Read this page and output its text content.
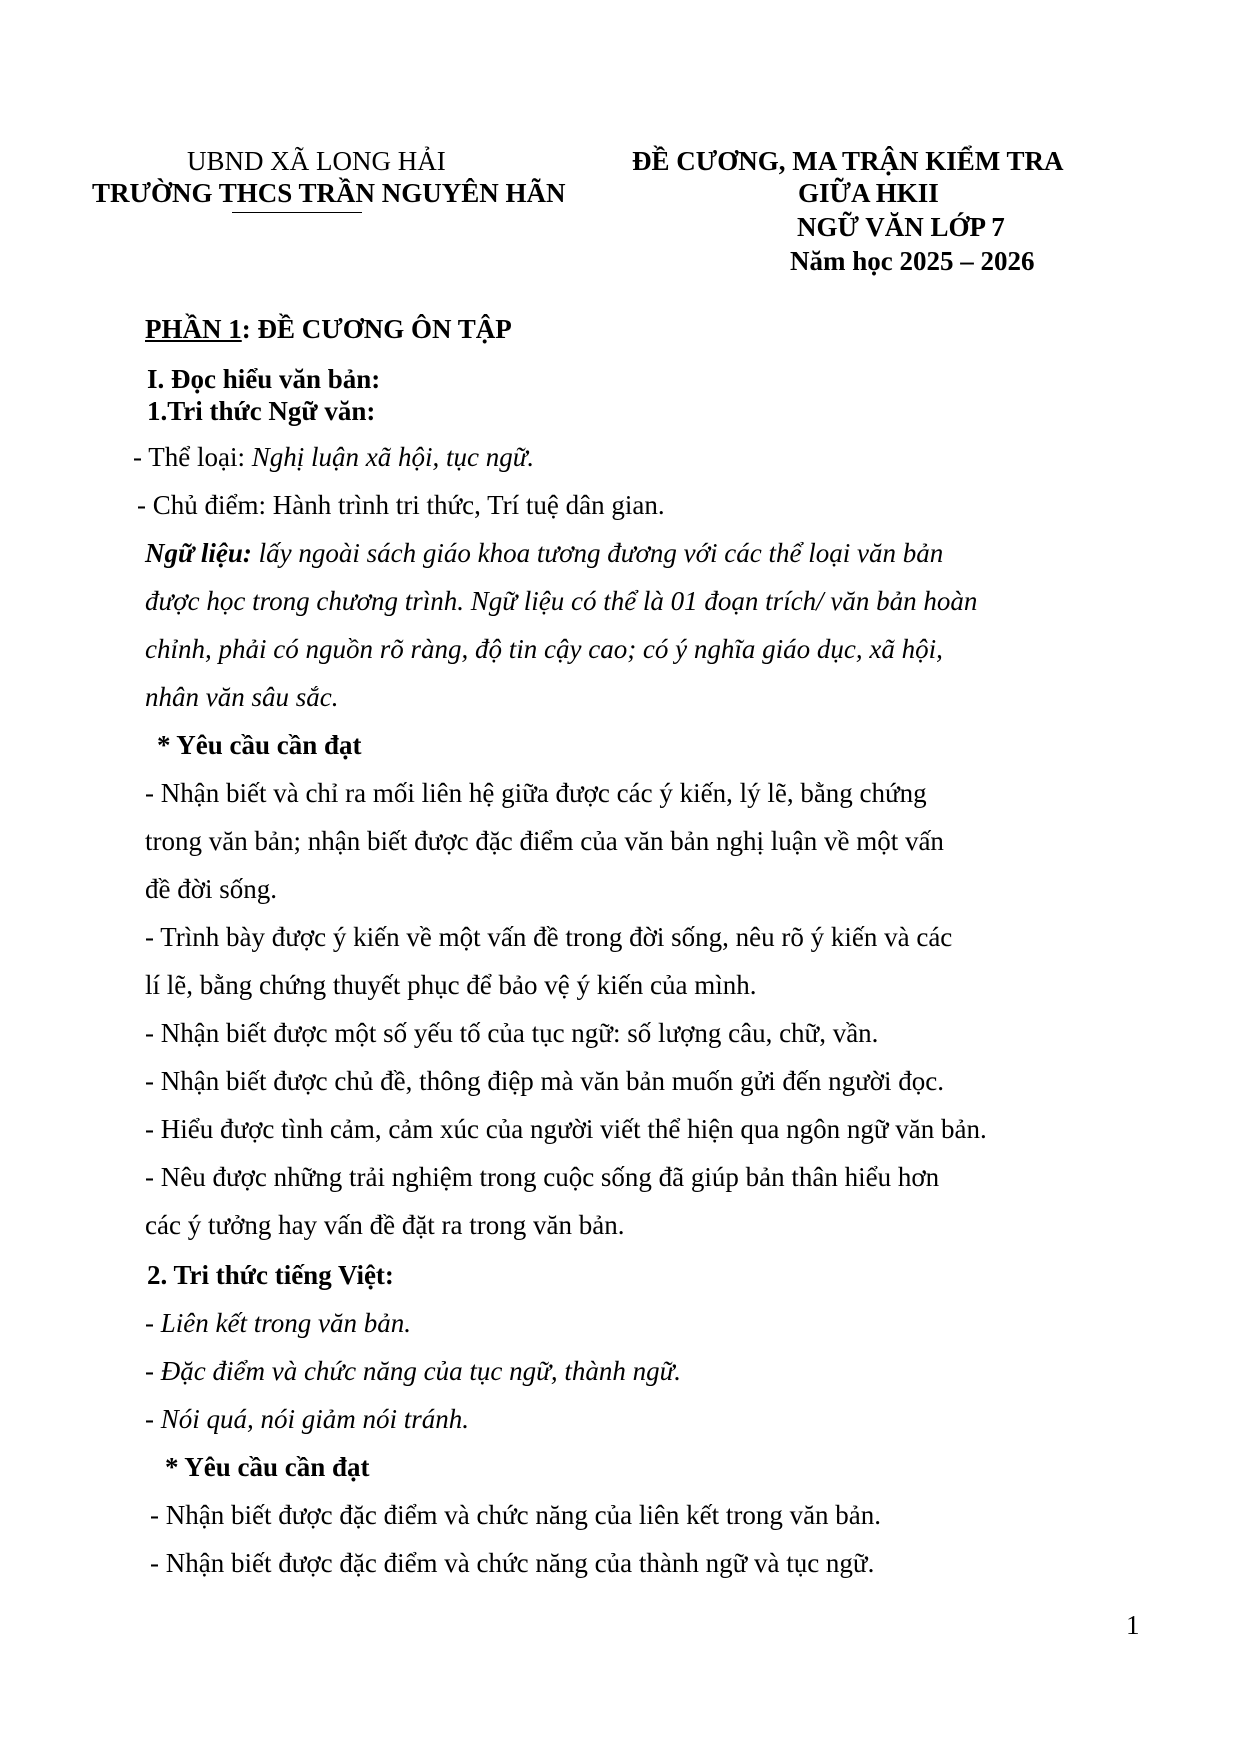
UBND XÃ LONG HẢI
TRƯỜNG THCS TRẦN NGUYÊN HÃN
ĐỀ CƯƠNG, MA TRẬN KIỂM TRA
GIỮA HKII
NGỮ VĂN LỚP 7
Năm học 2025 – 2026
PHẦN 1: ĐỀ CƯƠNG ÔN TẬP
I. Đọc hiểu văn bản:
1.Tri thức Ngữ văn:
- Thể loại: Nghị luận xã hội, tục ngữ.
- Chủ điểm: Hành trình tri thức, Trí tuệ dân gian.
Ngữ liệu: lấy ngoài sách giáo khoa tương đương với các thể loại văn bản
được học trong chương trình. Ngữ liệu có thể là 01 đoạn trích/ văn bản hoàn
chỉnh, phải có nguồn rõ ràng, độ tin cậy cao; có ý nghĩa giáo dục, xã hội,
nhân văn sâu sắc.
* Yêu cầu cần đạt
- Nhận biết và chỉ ra mối liên hệ giữa được các ý kiến, lý lẽ, bằng chứng
trong văn bản; nhận biết được đặc điểm của văn bản nghị luận về một vấn
đề đời sống.
- Trình bày được ý kiến về một vấn đề trong đời sống, nêu rõ ý kiến và các
lí lẽ, bằng chứng thuyết phục để bảo vệ ý kiến của mình.
- Nhận biết được một số yếu tố của tục ngữ: số lượng câu, chữ, vần.
- Nhận biết được chủ đề, thông điệp mà văn bản muốn gửi đến người đọc.
- Hiểu được tình cảm, cảm xúc của người viết thể hiện qua ngôn ngữ văn bản.
- Nêu được những trải nghiệm trong cuộc sống đã giúp bản thân hiểu hơn
các ý tưởng hay vấn đề đặt ra trong văn bản.
2. Tri thức tiếng Việt:
- Liên kết trong văn bản.
- Đặc điểm và chức năng của tục ngữ, thành ngữ.
- Nói quá, nói giảm nói tránh.
* Yêu cầu cần đạt
- Nhận biết được đặc điểm và chức năng của liên kết trong văn bản.
- Nhận biết được đặc điểm và chức năng của thành ngữ và tục ngữ.
1
